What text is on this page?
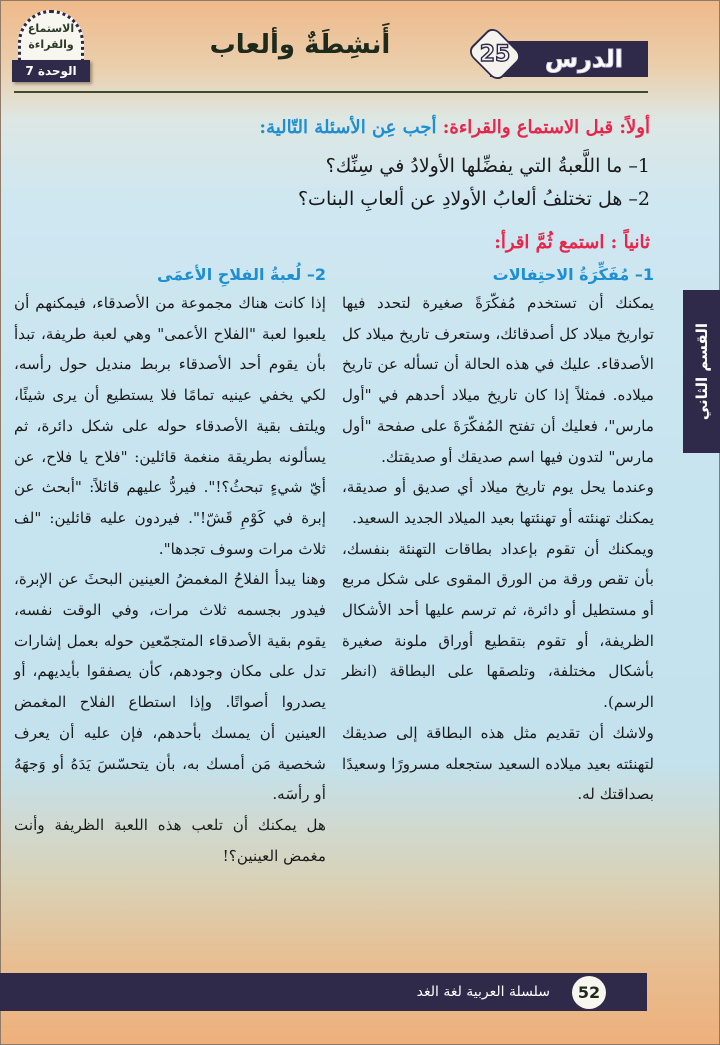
الاستماع
والقراءة
الوحدة 7
أَنشِطَةٌ وألعاب	الدرس
25
القسم الثاني
أولاً: قبل الاستماع والقراءة: أجب عِن الأسئلة التّالية:
1– ما اللَّعبةُ التي يفضِّلها الأولادُ في سِنِّك؟
2– هل تختلفُ ألعابُ الأولادِ عن ألعابِ البنات؟
ثانياً : استمع ثُمَّ اقرأ:
1– مُفَكِّرَةُ الاحتِفالات

يمكنك أن تستخدم مُفكّرَةً صغيرة لتحدد فيها تواريخ ميلاد كل أصدقائك، وستعرف تاريخ ميلاد كل الأصدقاء. عليك في هذه الحالة أن تسأله عن تاريخ ميلاده. فمثلاً إذا كان تاريخ ميلاد أحدهم في "أول مارس"، فعليك أن تفتح المُفكّرَةَ على صفحة "أول مارس" لتدون فيها اسم صديقك أو صديقتك.

وعندما يحل يوم تاريخ ميلاد أي صديق أو صديقة، يمكنك تهنئته أو تهنئتها بعيد الميلاد الجديد السعيد.

ويمكنك أن تقوم بإعداد بطاقات التهنئة بنفسك، بأن تقص ورقة من الورق المقوى على شكل مربع أو مستطيل أو دائرة، ثم ترسم عليها أحد الأشكال الظريفة، أو تقوم بتقطيع أوراق ملونة صغيرة بأشكال مختلفة، وتلصقها على البطاقة (انظر الرسم).

ولاشك أن تقديم مثل هذه البطاقة إلى صديقك لتهنئته بعيد ميلاده السعيد ستجعله مسرورًا وسعيدًا بصداقتك له.

2– لُعبةُ الفلاحِ الأعمَى

إذا كانت هناك مجموعة من الأصدقاء، فيمكنهم أن يلعبوا لعبة "الفلاح الأعمى" وهي لعبة طريفة، تبدأ بأن يقوم أحد الأصدقاء بربط منديل حول رأسه، لكي يخفي عينيه تمامًا فلا يستطيع أن يرى شيئًا، ويلتف بقية الأصدقاء حوله على شكل دائرة، ثم يسألونه بطريقة منغمة قائلين: "فلاح يا فلاح، عن أيّ شيءٍ تبحثُ؟!". فيردُّ عليهم قائلاً: "أبحث عن إبرة في كَوْمِ قَشّ!". فيردون عليه قائلين: "لف ثلاث مرات وسوف تجدها".

وهنا يبدأ الفلاحُ المغمضُ العينين البحثَ عن الإبرة، فيدور بجسمه ثلاث مرات، وفي الوقت نفسه، يقوم بقية الأصدقاء المتجمّعين حوله بعمل إشارات تدل على مكان وجودهم، كأن يصفقوا بأيديهم، أو يصدروا أصواتًا. وإذا استطاع الفلاح المغمض العينين أن يمسك بأحدهم، فإن عليه أن يعرف شخصية مَن أمسك به، بأن يتحسّسَ يَدَهُ أو وَجهَهُ أو رأسَه.

هل يمكنك أن تلعب هذه اللعبة الظريفة وأنت مغمض العينين؟!

سلسلة العربية لغة الغد	52
